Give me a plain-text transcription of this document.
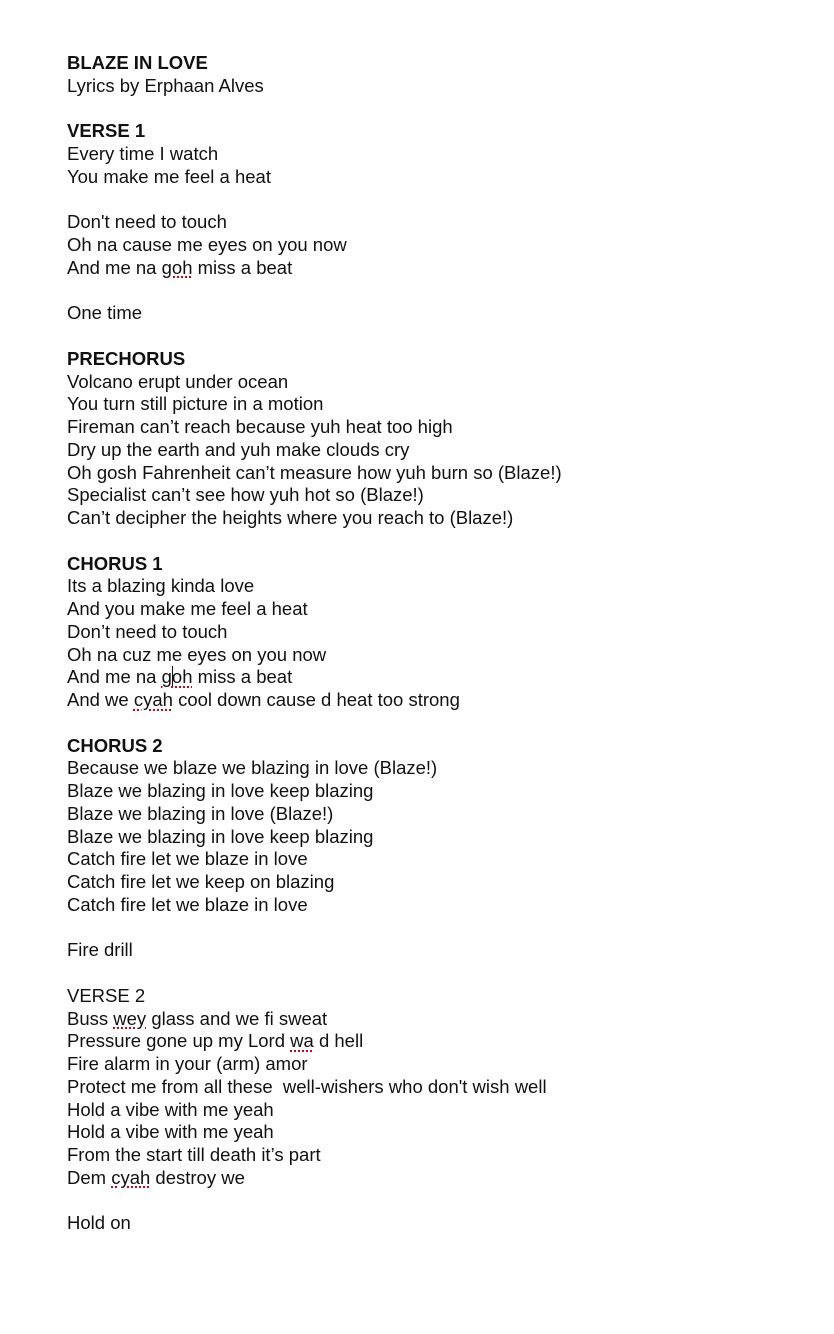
BLAZE IN LOVE
Lyrics by Erphaan Alves
VERSE 1
Every time I watch
You make me feel a heat
Don't need to touch
Oh na cause me eyes on you now
And me na goh miss a beat
One time
PRECHORUS
Volcano erupt under ocean
You turn still picture in a motion
Fireman can’t reach because yuh heat too high
Dry up the earth and yuh make clouds cry
Oh gosh Fahrenheit can’t measure how yuh burn so (Blaze!)
Specialist can’t see how yuh hot so (Blaze!)
Can’t decipher the heights where you reach to (Blaze!)
CHORUS 1
Its a blazing kinda love
And you make me feel a heat
Don’t need to touch
Oh na cuz me eyes on you now
And me na goh miss a beat
And we cyah cool down cause d heat too strong
CHORUS 2
Because we blaze we blazing in love (Blaze!)
Blaze we blazing in love keep blazing
Blaze we blazing in love (Blaze!)
Blaze we blazing in love keep blazing
Catch fire let we blaze in love
Catch fire let we keep on blazing
Catch fire let we blaze in love
Fire drill
VERSE 2
Buss wey glass and we fi sweat
Pressure gone up my Lord wa d hell
Fire alarm in your (arm) amor
Protect me from all these  well-wishers who don't wish well
Hold a vibe with me yeah
Hold a vibe with me yeah
From the start till death it’s part
Dem cyah destroy we
Hold on
